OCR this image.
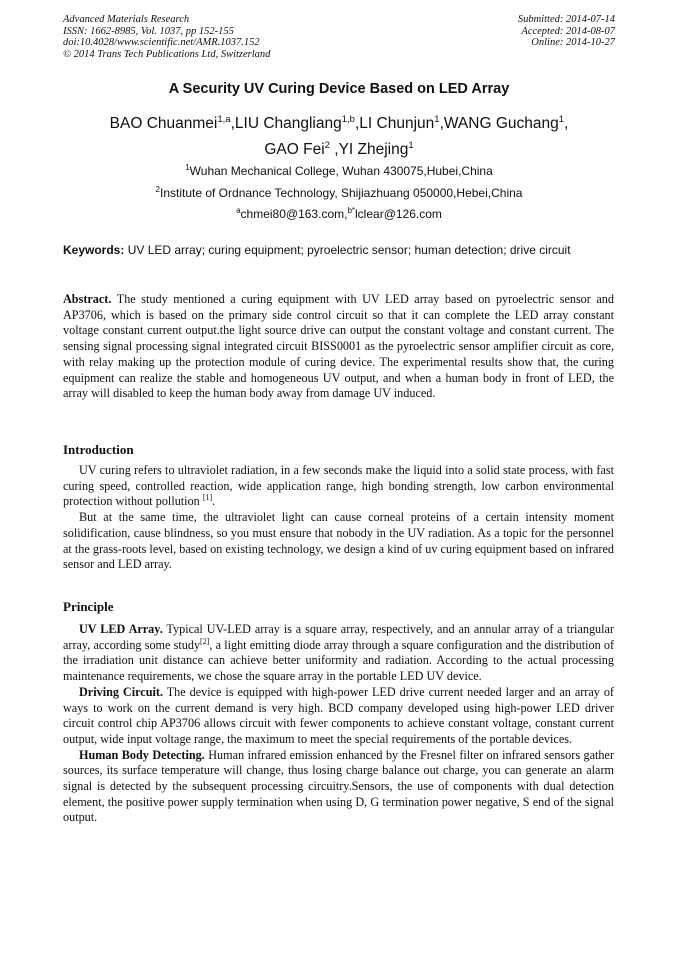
Advanced Materials Research
ISSN: 1662-8985, Vol. 1037, pp 152-155
doi:10.4028/www.scientific.net/AMR.1037.152
© 2014 Trans Tech Publications Ltd, Switzerland
Submitted: 2014-07-14
Accepted: 2014-08-07
Online: 2014-10-27
A Security UV Curing Device Based on LED Array
BAO Chuanmei$^{1,a}$,LIU Changliang$^{1,b}$,LI Chunjun$^1$,WANG Guchang$^1$,
GAO Fei$^2$ ,YI Zhejing$^1$
$^1$Wuhan Mechanical College, Wuhan 430075,Hubei,China
$^2$Institute of Ordnance Technology, Shijiazhuang 050000,Hebei,China
$^a$chmei80@163.com,$^{b*}$lclear@126.com
Keywords: UV LED array; curing equipment; pyroelectric sensor; human detection; drive circuit

Abstract. The study mentioned a curing equipment with UV LED array based on pyroelectric sensor and AP3706, which is based on the primary side control circuit so that it can complete the LED array constant voltage constant current output.the light source drive can output the constant voltage and constant current. The sensing signal processing signal integrated circuit BISS0001 as the pyroelectric sensor amplifier circuit as core, with relay making up the protection module of curing device. The experimental results show that, the curing equipment can realize the stable and homogeneous UV output, and when a human body in front of LED, the array will disabled to keep the human body away from damage UV induced.

Introduction

UV curing refers to ultraviolet radiation, in a few seconds make the liquid into a solid state process, with fast curing speed, controlled reaction, wide application range, high bonding strength, low carbon environmental protection without pollution [1].

But at the same time, the ultraviolet light can cause corneal proteins of a certain intensity moment solidification, cause blindness, so you must ensure that nobody in the UV radiation. As a topic for the personnel at the grass-roots level, based on existing technology, we design a kind of uv curing equipment based on infrared sensor and LED array.

Principle

UV LED Array. Typical UV-LED array is a square array, respectively, and an annular array of a triangular array, according some study[2], a light emitting diode array through a square configuration and the distribution of the irradiation unit distance can achieve better uniformity and radiation. According to the actual processing maintenance requirements, we chose the square array in the portable LED UV device.

Driving Circuit. The device is equipped with high-power LED drive current needed larger and an array of ways to work on the current demand is very high. BCD company developed using high-power LED driver circuit control chip AP3706 allows circuit with fewer components to achieve constant voltage, constant current output, wide input voltage range, the maximum to meet the special requirements of the portable devices.

Human Body Detecting. Human infrared emission enhanced by the Fresnel filter on infrared sensors gather sources, its surface temperature will change, thus losing charge balance out charge, you can generate an alarm signal is detected by the subsequent processing circuitry.Sensors, the use of components with dual detection element, the positive power supply termination when using D, G termination power negative, S end of the signal output.
